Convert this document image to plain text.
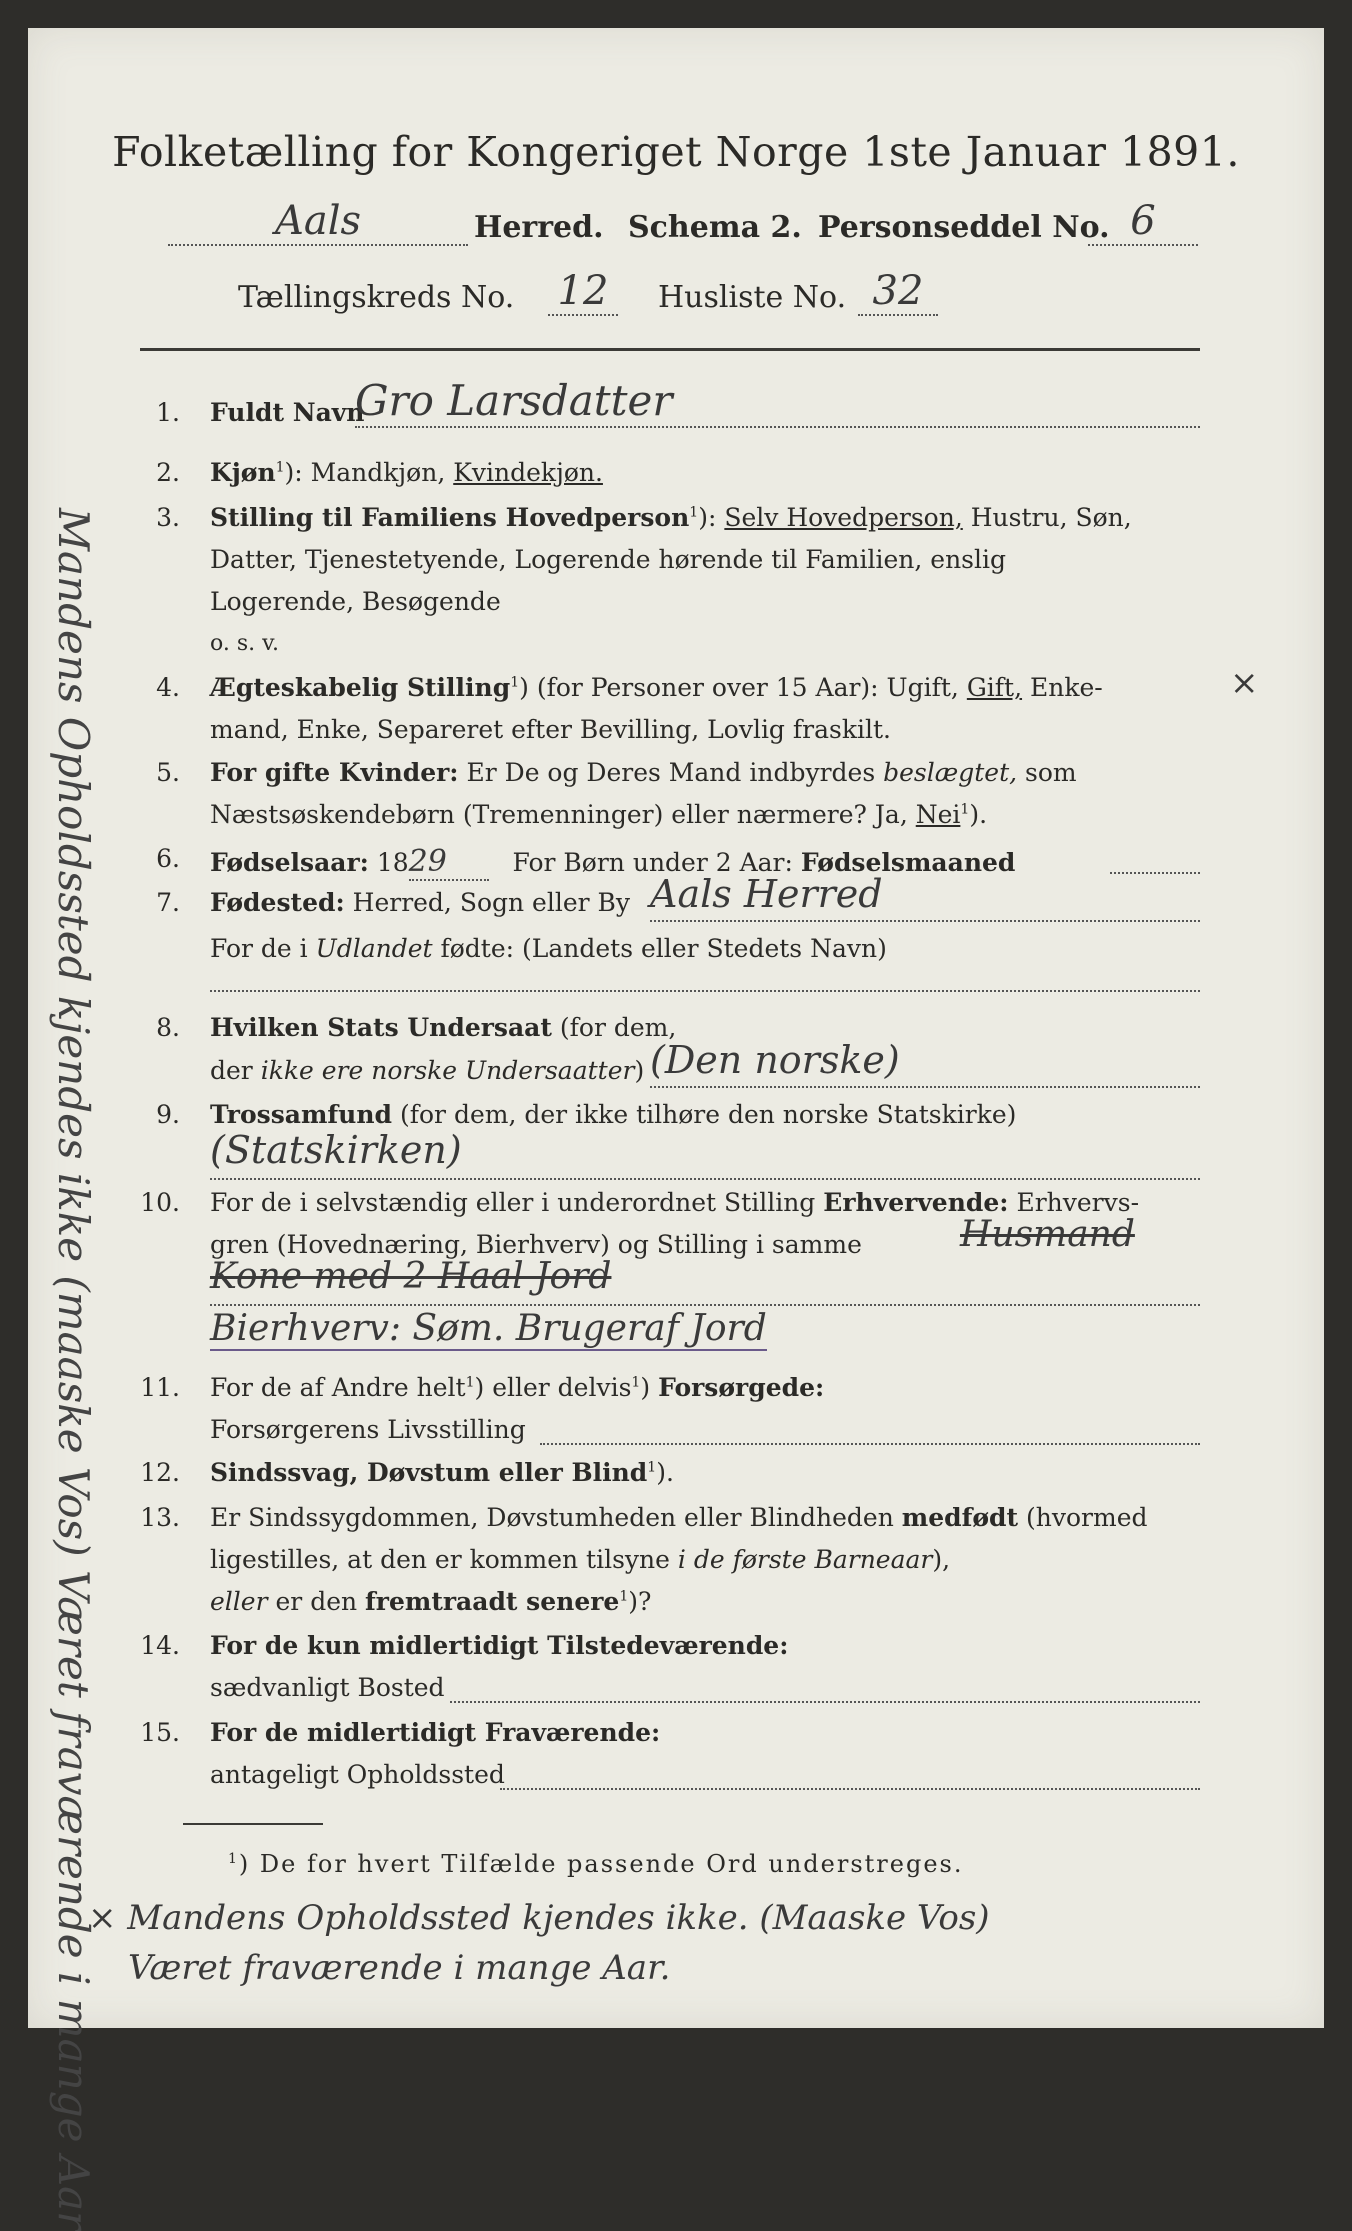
Folketælling for Kongeriget Norge 1ste Januar 1891.
Aals	Herred. Schema 2. Personseddel No. 6
Tællingskreds No. 12	Husliste No. 32
Mandens Opholdssted kjendes ikke (maaske Vos) Været fraværende i mange Aar
1. Fuldt Navn
Gro Larsdatter
2. Kjøn$^1$): Mandkjøn, Kvindekjøn.
3. Stilling til Familiens Hovedperson$^1$): Selv Hovedperson, Hustru, Søn,
Datter, Tjenestetyende, Logerende hørende til Familien, enslig
Logerende, Besøgende
o. s. v.
4. Ægteskabelig Stilling$^1$) (for Personer over 15 Aar): Ugift, Gift, Enke-	×
mand, Enke, Separeret efter Bevilling, Lovlig fraskilt.
5. For gifte Kvinder: Er De og Deres Mand indbyrdes beslægtet, som
Næstsøskendebørn (Tremenninger) eller nærmere? Ja, Nei$^1$).
6. Fødselsaar: 1829	For Børn under 2 Aar: Fødselsmaaned
7. Fødested: Herred, Sogn eller By Aals Herred
For de i Udlandet fødte: (Landets eller Stedets Navn)
8. Hvilken Stats Undersaat (for dem,
der ikke ere norske Undersaatter) (Den norske)
9. Trossamfund (for dem, der ikke tilhøre den norske Statskirke)
(Statskirken)
10. For de i selvstændig eller i underordnet Stilling Erhvervende: Erhvervs-
gren (Hovednæring, Bierhverv) og Stilling i samme	Husmand
Kone med 2 Haal Jord
Bierhverv: Søm. Brugeraf Jord
11. For de af Andre helt$^1$) eller delvis$^1$) Forsørgede:
Forsørgerens Livsstilling
12. Sindssvag, Døvstum eller Blind$^1$).
13. Er Sindssygdommen, Døvstumheden eller Blindheden medfødt (hvormed
ligestilles, at den er kommen tilsyne i de første Barneaar),
eller er den fremtraadt senere$^1$)?
14. For de kun midlertidigt Tilstedeværende:
sædvanligt Bosted
15. For de midlertidigt Fraværende:
antageligt Opholdssted
$^1$) De for hvert Tilfælde passende Ord understreges.
× Mandens Opholdssted kjendes ikke. (Maaske Vos)
Været fraværende i mange Aar.
